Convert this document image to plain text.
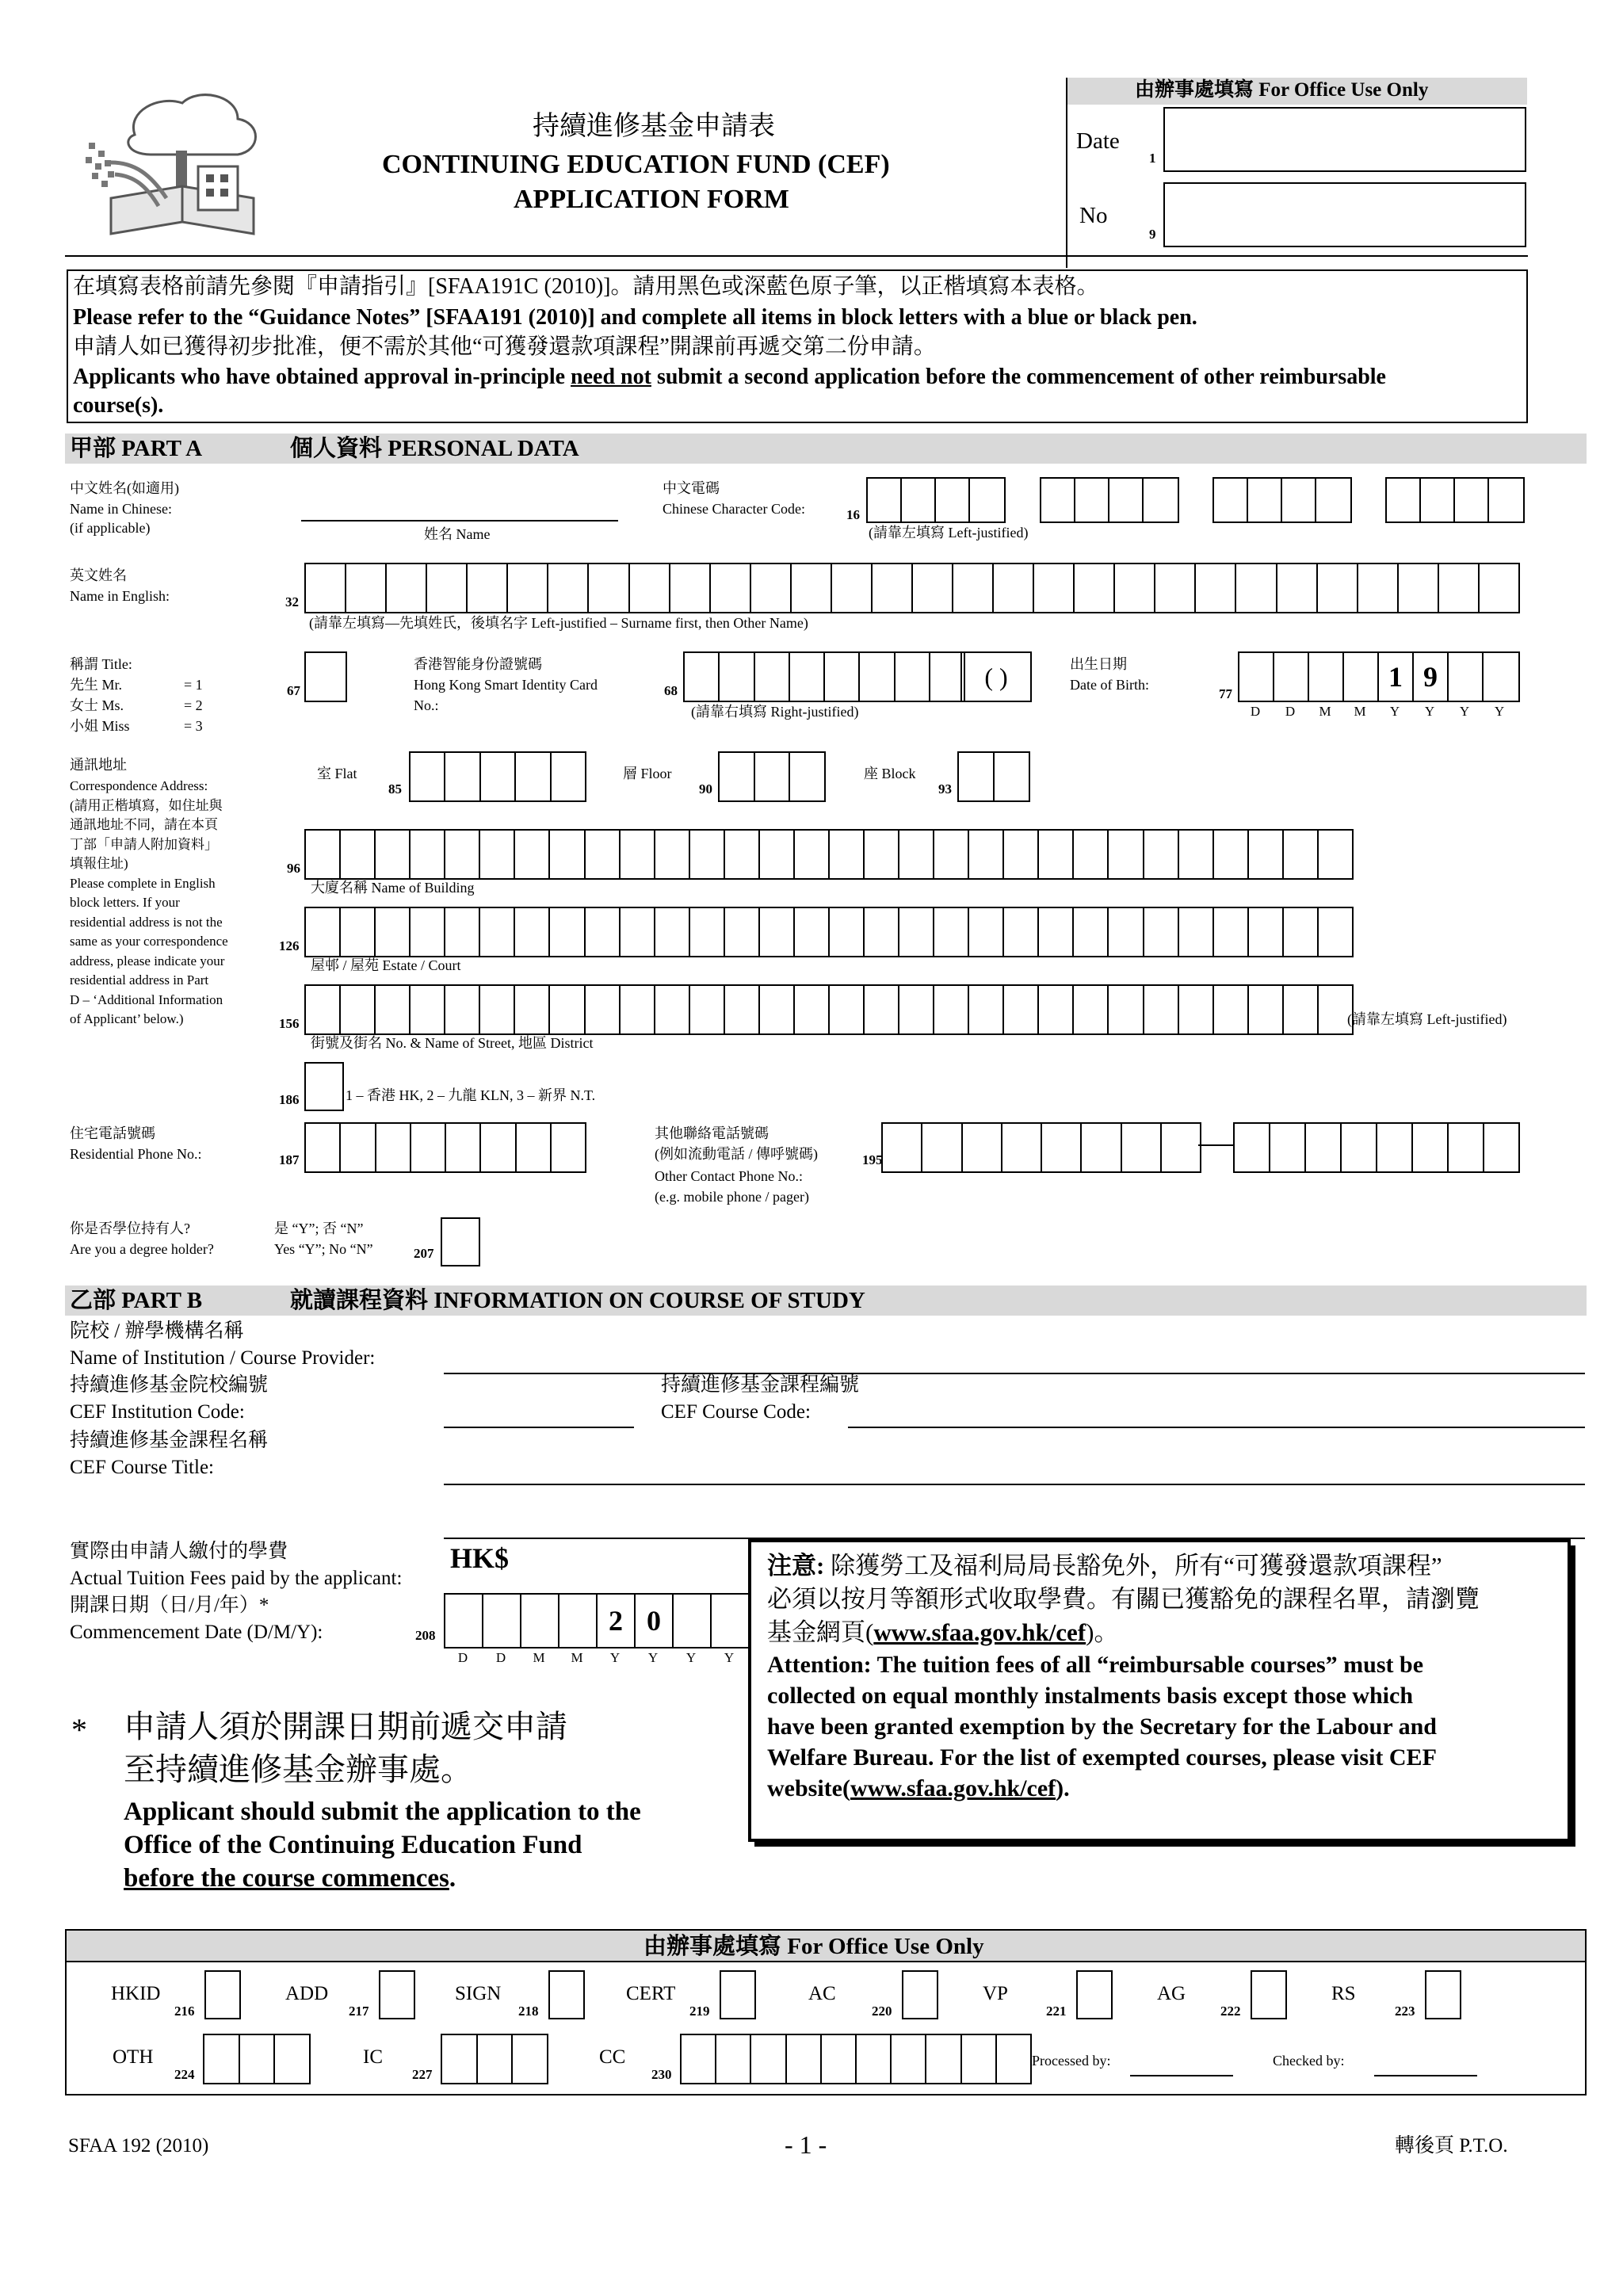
持續進修基金申請表
CONTINUING EDUCATION FUND (CEF)
APPLICATION FORM
由辦事處填寫 For Office Use Only
Date
1
No
9
在填寫表格前請先參閱『申請指引』[SFAA191C (2010)]。請用黑色或深藍色原子筆，以正楷填寫本表格。
Please refer to the “Guidance Notes” [SFAA191 (2010)] and complete all items in block letters with a blue or black pen.
申請人如已獲得初步批准，便不需於其他“可獲發還款項課程”開課前再遞交第二份申請。
Applicants who have obtained approval in-principle need not submit a second application before the commencement of other reimbursable
course(s).
甲部 PART A	個人資料 PERSONAL DATA
中文姓名(如適用)
Name in Chinese:
(if applicable)	姓名 Name
中文電碼
Chinese Character Code:	16
(請靠左填寫 Left-justified)
英文姓名
Name in English:	32
(請靠左填寫—先填姓氏，後填名字 Left-justified – Surname first, then Other Name)
稱謂 Title:
先生 Mr.	= 1
女士 Ms.	= 2
小姐 Miss	= 3
67
香港智能身份證號碼
Hong Kong Smart Identity Card
No.:
68	( )
(請靠右填寫 Right-justified)
出生日期
Date of Birth:
77
1 9
D	D	M	M	Y	Y	Y	Y
通訊地址
Correspondence Address:
(請用正楷填寫，如住址與
通訊地址不同，請在本頁
丁部「申請人附加資料」
填報住址)
Please complete in English
block letters. If your
residential address is not the
same as your correspondence
address, please indicate your
residential address in Part
D – ‘Additional Information
of Applicant’ below.)
室 Flat
85
層 Floor
90
座 Block
93
96
大廈名稱 Name of Building
126
屋邨 / 屋苑 Estate / Court
156
街號及街名 No. & Name of Street, 地區 District
(請靠左填寫 Left-justified)
186	1 – 香港 HK, 2 – 九龍 KLN, 3 – 新界 N.T.
住宅電話號碼
Residential Phone No.:	187
其他聯絡電話號碼
(例如流動電話 / 傳呼號碼)
Other Contact Phone No.:
(e.g. mobile phone / pager)
195
你是否學位持有人?
Are you a degree holder?
是 “Y”; 否 “N”
Yes “Y”; No “N”	207
乙部 PART B	就讀課程資料 INFORMATION ON COURSE OF STUDY
院校 / 辦學機構名稱
Name of Institution / Course Provider:
持續進修基金院校編號
CEF Institution Code:
持續進修基金課程編號
CEF Course Code:
持續進修基金課程名稱
CEF Course Title:
實際由申請人繳付的學費
Actual Tuition Fees paid by the applicant:
HK$
開課日期（日/月/年）*
Commencement Date (D/M/Y):	208	2 0
D	D	M	M	Y	Y	Y	Y
注意: 除獲勞工及福利局局長豁免外，所有“可獲發還款項課程”
必須以按月等額形式收取學費。有關已獲豁免的課程名單，請瀏覽
基金網頁(www.sfaa.gov.hk/cef)。
Attention: The tuition fees of all “reimbursable courses” must be
collected on equal monthly instalments basis except those which
have been granted exemption by the Secretary for the Labour and
Welfare Bureau. For the list of exempted courses, please visit CEF
website(www.sfaa.gov.hk/cef).
* 申請人須於開課日期前遞交申請
至持續進修基金辦事處。
Applicant should submit the application to the
Office of the Continuing Education Fund
before the course commences.
由辦事處填寫 For Office Use Only
HKID
216
ADD
217
SIGN
218
CERT
219
AC
220
VP
221
AG
222
RS
223
OTH
224
IC
227
CC
230
Processed by:	Checked by:
SFAA 192 (2010)	- 1 -	轉後頁 P.T.O.
